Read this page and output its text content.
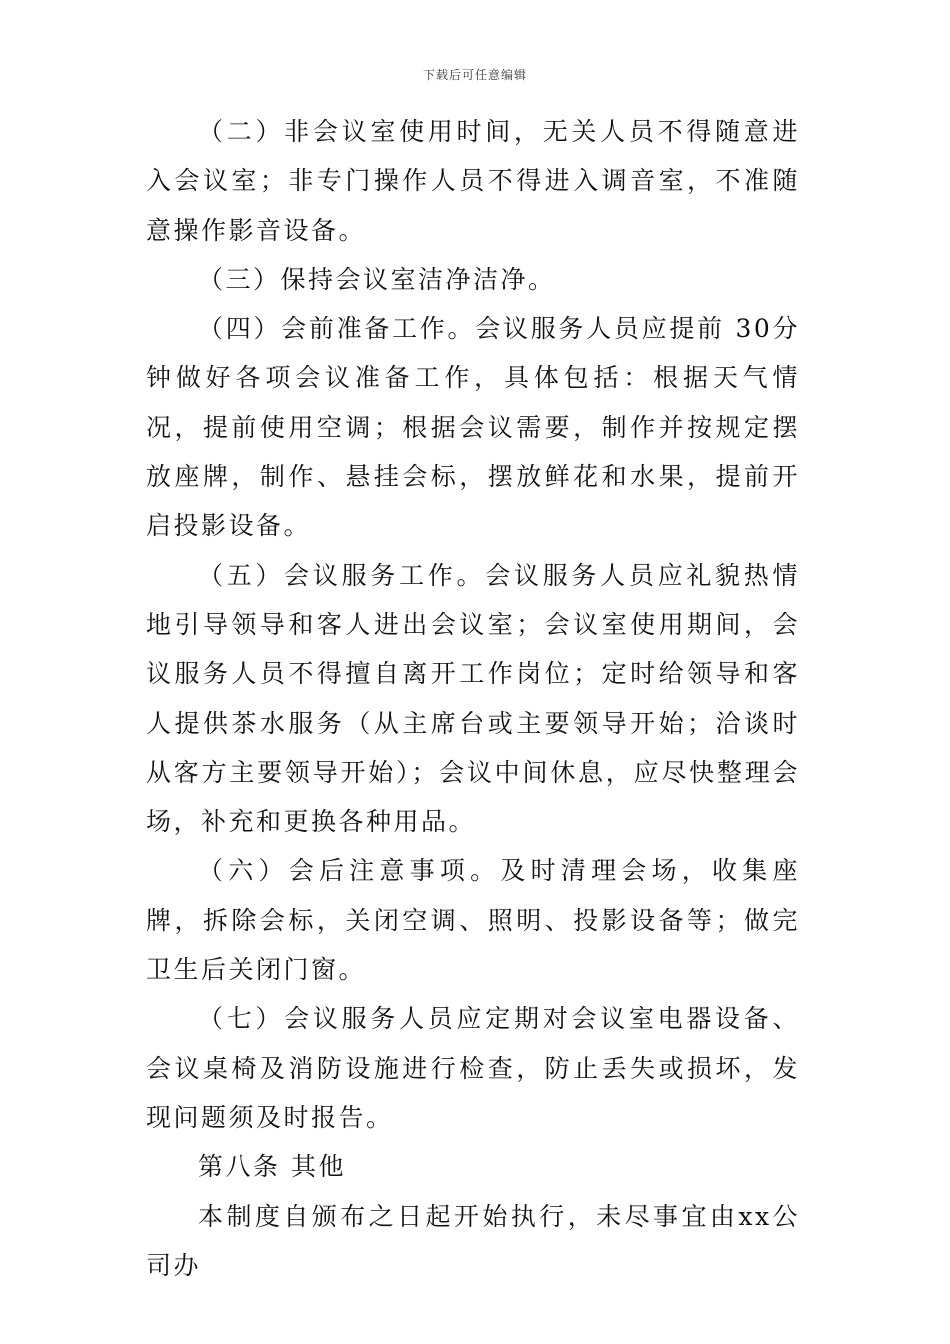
下载后可任意编辑

（二）非会议室使用时间，无关人员不得随意进入会议室；非专门操作人员不得进入调音室，不准随意操作影音设备。

（三）保持会议室洁净洁净。

（四）会前准备工作。会议服务人员应提前 30分钟做好各项会议准备工作，具体包括：根据天气情况，提前使用空调；根据会议需要，制作并按规定摆放座牌，制作、悬挂会标，摆放鲜花和水果，提前开启投影设备。

（五）会议服务工作。会议服务人员应礼貌热情地引导领导和客人进出会议室；会议室使用期间，会议服务人员不得擅自离开工作岗位；定时给领导和客人提供茶水服务（从主席台或主要领导开始；洽谈时从客方主要领导开始）；会议中间休息，应尽快整理会场，补充和更换各种用品。

（六）会后注意事项。及时清理会场，收集座牌，拆除会标，关闭空调、照明、投影设备等；做完卫生后关闭门窗。

（七）会议服务人员应定期对会议室电器设备、会议桌椅及消防设施进行检查，防止丢失或损坏，发现问题须及时报告。

第八条 其他

本制度自颁布之日起开始执行，未尽事宜由xx公司办
